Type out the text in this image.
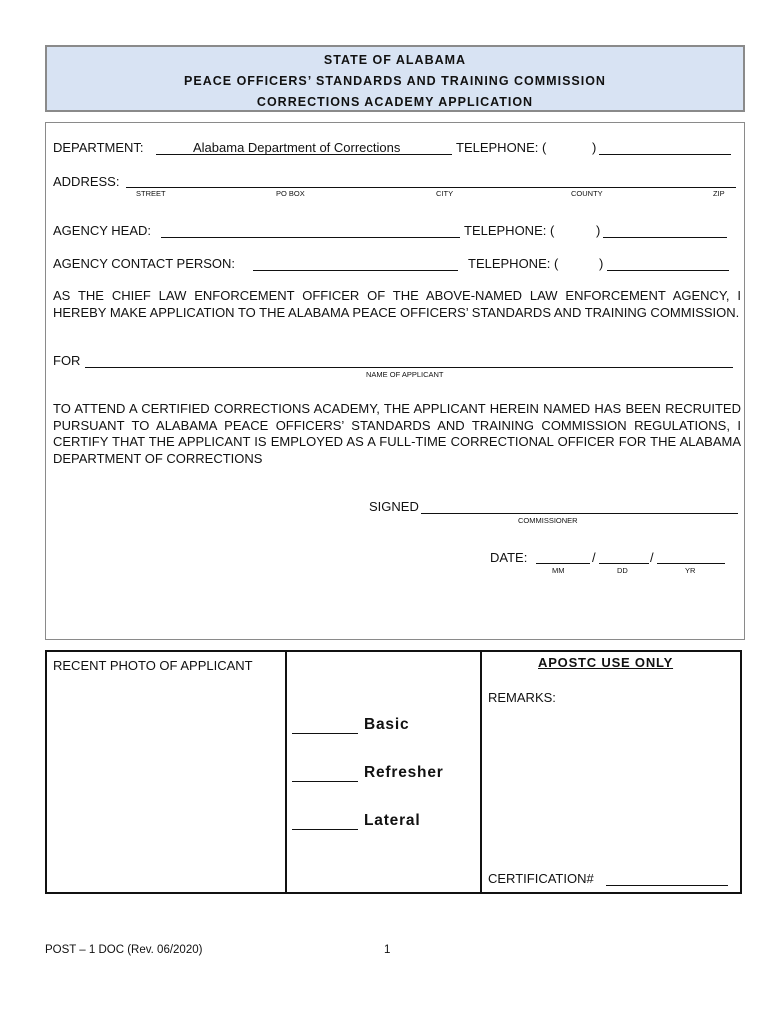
STATE OF ALABAMA
PEACE OFFICERS’ STANDARDS AND TRAINING COMMISSION
CORRECTIONS ACADEMY APPLICATION
DEPARTMENT:	Alabama Department of Corrections	TELEPHONE: (	)
ADDRESS:
STREET	PO BOX	CITY	COUNTY	ZIP
AGENCY HEAD:	TELEPHONE: (	)
AGENCY CONTACT PERSON:	TELEPHONE: (	)
AS THE CHIEF LAW ENFORCEMENT OFFICER OF THE ABOVE-NAMED LAW ENFORCEMENT AGENCY, I HEREBY MAKE APPLICATION TO THE ALABAMA PEACE OFFICERS’ STANDARDS AND TRAINING COMMISSION.
FOR
NAME OF APPLICANT
TO ATTEND A CERTIFIED CORRECTIONS ACADEMY, THE APPLICANT HEREIN NAMED HAS BEEN RECRUITED PURSUANT TO ALABAMA PEACE OFFICERS’ STANDARDS AND TRAINING COMMISSION REGULATIONS, I CERTIFY THAT THE APPLICANT IS EMPLOYED AS A FULL-TIME CORRECTIONAL OFFICER FOR THE ALABAMA DEPARTMENT OF CORRECTIONS
SIGNED
COMMISSIONER
DATE:	/	/
MM	DD	YR
RECENT PHOTO OF APPLICANT
Basic
Refresher
Lateral
APOSTC USE ONLY
REMARKS:
CERTIFICATION#
POST – 1 DOC (Rev. 06/2020)	1
